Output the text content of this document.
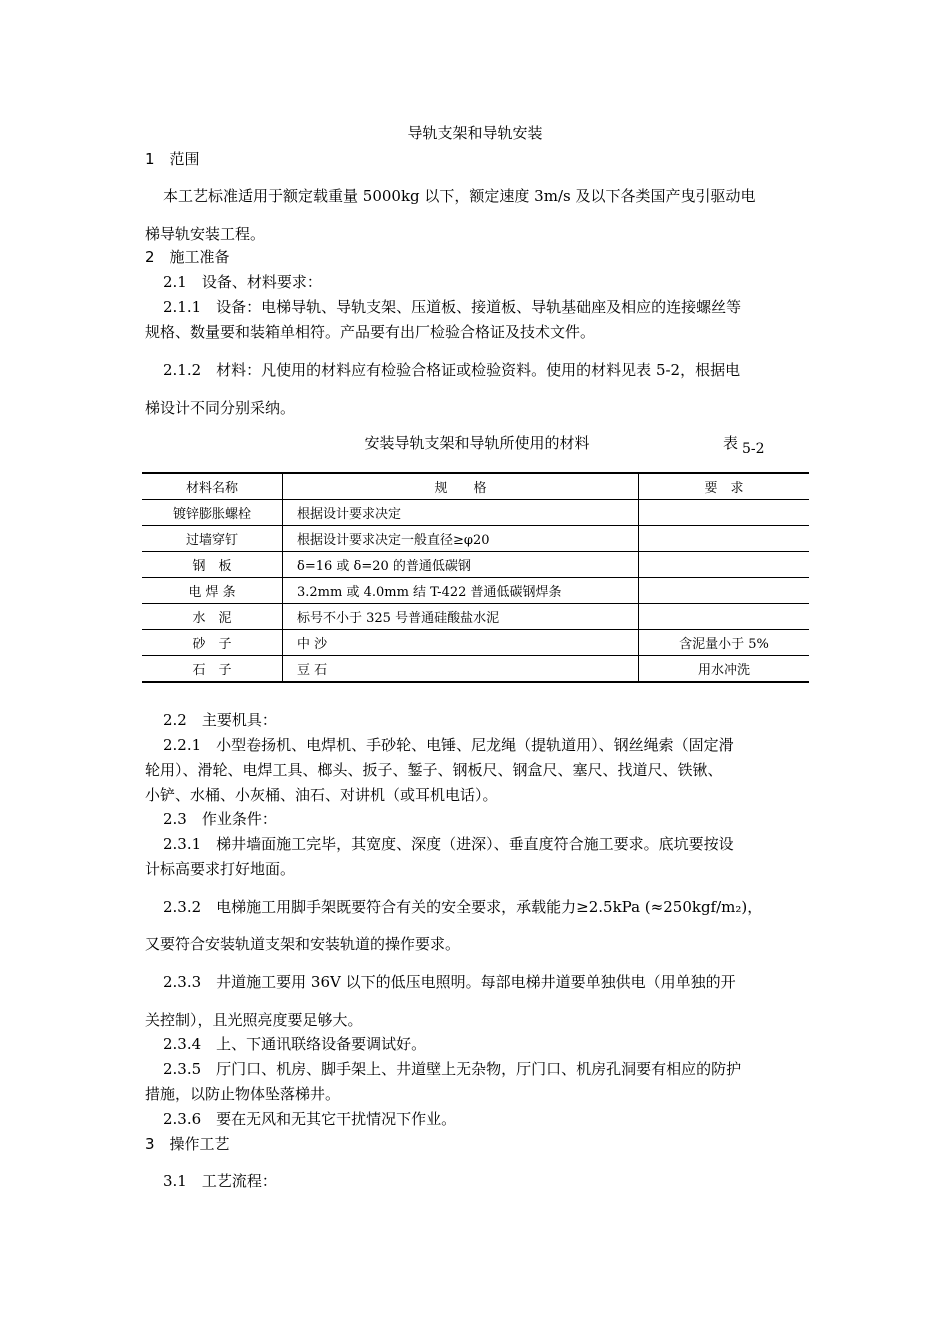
导轨支架和导轨安装
1　范围
本工艺标准适用于额定载重量 5000kg 以下，额定速度 3m/s 及以下各类国产曳引驱动电
梯导轨安装工程。
2　施工准备
2.1　设备、材料要求：
2.1.1　设备：电梯导轨、导轨支架、压道板、接道板、导轨基础座及相应的连接螺丝等
规格、数量要和装箱单相符。产品要有出厂检验合格证及技术文件。
2.1.2　材料：凡使用的材料应有检验合格证或检验资料。使用的材料见表 5-2，根据电
梯设计不同分别采纳。
安装导轨支架和导轨所使用的材料	表 5-2
材料名称	规　　格	要　求
镀锌膨胀螺栓	根据设计要求决定	
过墙穿钉	根据设计要求决定一般直径≥φ20	
钢　板	δ=16 或 δ=20 的普通低碳钢	
电 焊 条	3.2mm 或 4.0mm 结 T-422 普通低碳钢焊条	
水　泥	标号不小于 325 号普通硅酸盐水泥	
砂　子	中 沙	含泥量小于 5%
石　子	豆 石	用水冲洗
2.2　主要机具：
2.2.1　小型卷扬机、电焊机、手砂轮、电锤、尼龙绳（提轨道用）、钢丝绳索（固定滑
轮用）、滑轮、电焊工具、榔头、扳子、錾子、钢板尺、钢盒尺、塞尺、找道尺、铁锹、
小铲、水桶、小灰桶、油石、对讲机（或耳机电话）。
2.3　作业条件：
2.3.1　梯井墙面施工完毕，其宽度、深度（进深）、垂直度符合施工要求。底坑要按设
计标高要求打好地面。
2.3.2　电梯施工用脚手架既要符合有关的安全要求，承载能力≥2.5kPa (≈250kgf/m₂)，
又要符合安装轨道支架和安装轨道的操作要求。
2.3.3　井道施工要用 36V 以下的低压电照明。每部电梯井道要单独供电（用单独的开
关控制），且光照亮度要足够大。
2.3.4　上、下通讯联络设备要调试好。
2.3.5　厅门口、机房、脚手架上、井道壁上无杂物，厅门口、机房孔洞要有相应的防护
措施，以防止物体坠落梯井。
2.3.6　要在无风和无其它干扰情况下作业。
3　操作工艺
3.1　工艺流程：
